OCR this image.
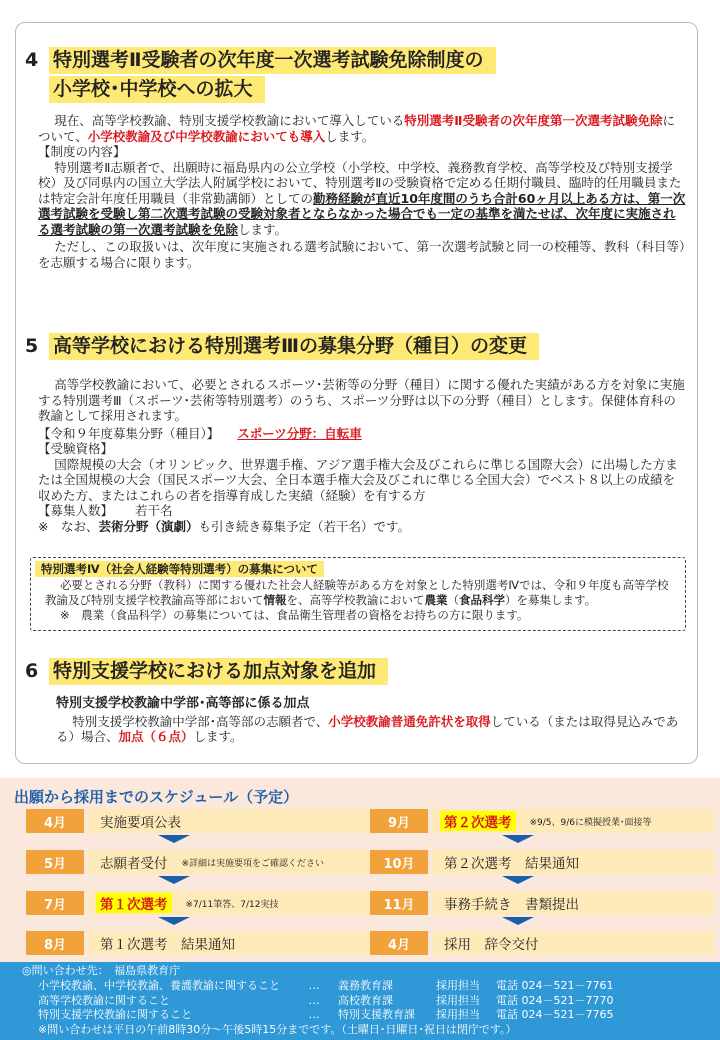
4 特別選考Ⅱ受験者の次年度一次選考試験免除制度の
小学校･中学校への拡大

現在、高等学校教諭、特別支援学校教諭において導入している特別選考Ⅱ受験者の次年度第一次選考試験免除について、小学校教諭及び中学校教諭においても導入します。

【制度の内容】

特別選考Ⅱ志願者で、出願時に福島県内の公立学校（小学校、中学校、義務教育学校、高等学校及び特別支援学校）及び同県内の国立大学法人附属学校において、特別選考Ⅱの受験資格で定める任期付職員、臨時的任用職員または特定会計年度任用職員（非常勤講師）としての勤務経験が直近10年度間のうち合計60ヶ月以上ある方は、第一次選考試験を受験し第二次選考試験の受験対象者とならなかった場合でも一定の基準を満たせば、次年度に実施される選考試験の第一次選考試験を免除します。

ただし、この取扱いは、次年度に実施される選考試験において、第一次選考試験と同一の校種等、教科（科目等）を志願する場合に限ります。

5 高等学校における特別選考Ⅲの募集分野（種目）の変更

高等学校教諭において、必要とされるスポーツ･芸術等の分野（種目）に関する優れた実績がある方を対象に実施する特別選考Ⅲ（スポーツ･芸術等特別選考）のうち、スポーツ分野は以下の分野（種目）とします。保健体育科の教諭として採用されます。

【令和９年度募集分野（種目）】 スポーツ分野：自転車

【受験資格】

国際規模の大会（オリンピック、世界選手権、アジア選手権大会及びこれらに準じる国際大会）に出場した方または全国規模の大会（国民スポーツ大会、全日本選手権大会及びこれに準じる全国大会）でベスト８以上の成績を収めた方、またはこれらの者を指導育成した実績（経験）を有する方

【募集人数】 若干名

※　なお、芸術分野（演劇）も引き続き募集予定（若干名）です。

特別選考Ⅳ（社会人経験等特別選考）の募集について

必要とされる分野（教科）に関する優れた社会人経験等がある方を対象とした特別選考Ⅳでは、令和９年度も高等学校教諭及び特別支援学校教諭高等部において情報を、高等学校教諭において農業（食品科学）を募集します。

※　農業（食品科学）の募集については、食品衛生管理者の資格をお持ちの方に限ります。

6 特別支援学校における加点対象を追加

特別支援学校教諭中学部･高等部に係る加点

特別支援学校教諭中学部･高等部の志願者で、小学校教諭普通免許状を取得している（または取得見込みである）場合、加点（６点）します。

出願から採用までのスケジュール（予定）
4月	実施要項公表
5月	志願者受付 ※詳細は実施要項をご確認ください
7月	第１次選考	※7/11筆答、7/12実技
8月	第１次選考　結果通知
9月	第２次選考	※9/5、9/6に模擬授業･面接等
10月	第２次選考　結果通知
11月	事務手続き　書類提出
4月	採用　辞令交付
◎問い合わせ先：　福島県教育庁
小学校教諭、中学校教諭、養護教諭に関すること	…	義務教育課	採用担当	電話 024－521－7761
高等学校教諭に関すること	…	高校教育課	採用担当	電話 024－521－7770
特別支援学校教諭に関すること	…	特別支援教育課	採用担当	電話 024－521－7765
※問い合わせは平日の午前8時30分～午後5時15分までです。（土曜日･日曜日･祝日は閉庁です。）
